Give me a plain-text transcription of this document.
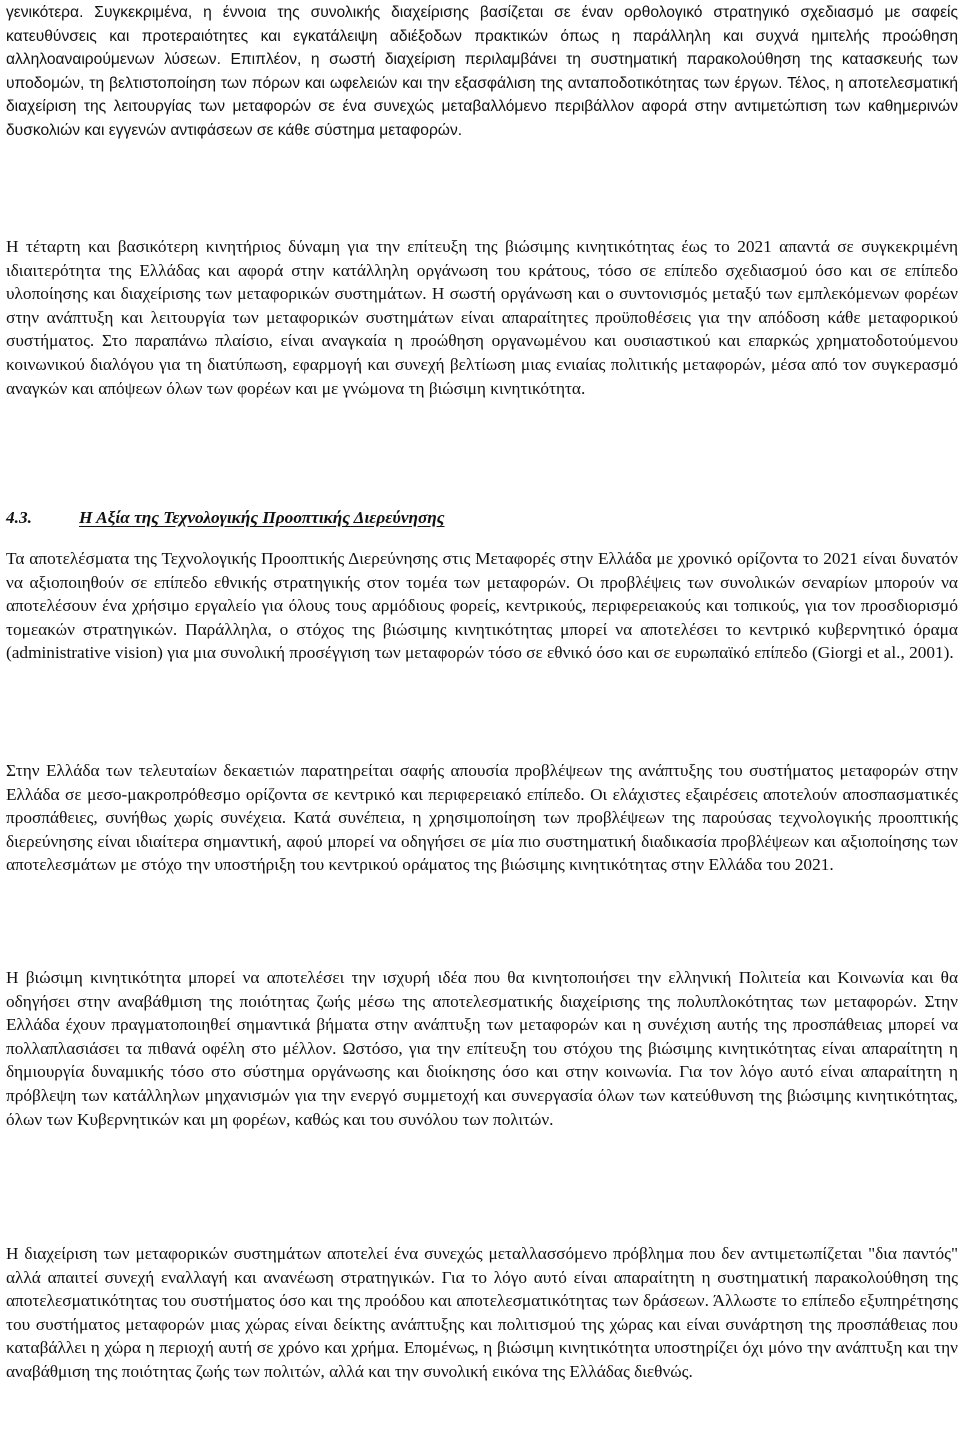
γενικότερα. Συγκεκριμένα, η έννοια της συνολικής διαχείρισης βασίζεται σε έναν ορθολογικό στρατηγικό σχεδιασμό με σαφείς κατευθύνσεις και προτεραιότητες και εγκατάλειψη αδιέξοδων πρακτικών όπως η παράλληλη και συχνά ημιτελής προώθηση αλληλοαναιρούμενων λύσεων. Επιπλέον, η σωστή διαχείριση περιλαμβάνει τη συστηματική παρακολούθηση της κατασκευής των υποδομών, τη βελτιστοποίηση των πόρων και ωφελειών και την εξασφάλιση της ανταποδοτικότητας των έργων. Τέλος, η αποτελεσματική διαχείριση της λειτουργίας των μεταφορών σε ένα συνεχώς μεταβαλλόμενο περιβάλλον αφορά στην αντιμετώπιση των καθημερινών δυσκολιών και εγγενών αντιφάσεων σε κάθε σύστημα μεταφορών.

Η τέταρτη και βασικότερη κινητήριος δύναμη για την επίτευξη της βιώσιμης κινητικότητας έως το 2021 απαντά σε συγκεκριμένη ιδιαιτερότητα της Ελλάδας και αφορά στην κατάλληλη οργάνωση του κράτους, τόσο σε επίπεδο σχεδιασμού όσο και σε επίπεδο υλοποίησης και διαχείρισης των μεταφορικών συστημάτων. Η σωστή οργάνωση και ο συντονισμός μεταξύ των εμπλεκόμενων φορέων στην ανάπτυξη και λειτουργία των μεταφορικών συστημάτων είναι απαραίτητες προϋποθέσεις για την απόδοση κάθε μεταφορικού συστήματος. Στο παραπάνω πλαίσιο, είναι αναγκαία η προώθηση οργανωμένου και ουσιαστικού και επαρκώς χρηματοδοτούμενου κοινωνικού διαλόγου για τη διατύπωση, εφαρμογή και συνεχή βελτίωση μιας ενιαίας πολιτικής μεταφορών, μέσα από τον συγκερασμό αναγκών και απόψεων όλων των φορέων και με γνώμονα τη βιώσιμη κινητικότητα.

4.3.	Η Αξία της Τεχνολογικής Προοπτικής Διερεύνησης

Τα αποτελέσματα της Τεχνολογικής Προοπτικής Διερεύνησης στις Μεταφορές στην Ελλάδα με χρονικό ορίζοντα το 2021 είναι δυνατόν να αξιοποιηθούν σε επίπεδο εθνικής στρατηγικής στον τομέα των μεταφορών. Οι προβλέψεις των συνολικών σεναρίων μπορούν να αποτελέσουν ένα χρήσιμο εργαλείο για όλους τους αρμόδιους φορείς, κεντρικούς, περιφερειακούς και τοπικούς, για τον προσδιορισμό τομεακών στρατηγικών. Παράλληλα, ο στόχος της βιώσιμης κινητικότητας μπορεί να αποτελέσει το κεντρικό κυβερνητικό όραμα (administrative vision) για μια συνολική προσέγγιση των μεταφορών τόσο σε εθνικό όσο και σε ευρωπαϊκό επίπεδο (Giorgi et al., 2001).

Στην Ελλάδα των τελευταίων δεκαετιών παρατηρείται σαφής απουσία προβλέψεων της ανάπτυξης του συστήματος μεταφορών στην Ελλάδα σε μεσο-μακροπρόθεσμο ορίζοντα σε κεντρικό και περιφερειακό επίπεδο. Οι ελάχιστες εξαιρέσεις αποτελούν αποσπασματικές προσπάθειες, συνήθως χωρίς συνέχεια. Κατά συνέπεια, η χρησιμοποίηση των προβλέψεων της παρούσας τεχνολογικής προοπτικής διερεύνησης είναι ιδιαίτερα σημαντική, αφού μπορεί να οδηγήσει σε μία πιο συστηματική διαδικασία προβλέψεων και αξιοποίησης των αποτελεσμάτων με στόχο την υποστήριξη του κεντρικού οράματος της βιώσιμης κινητικότητας στην Ελλάδα του 2021.

Η βιώσιμη κινητικότητα μπορεί να αποτελέσει την ισχυρή ιδέα που θα κινητοποιήσει την ελληνική Πολιτεία και Κοινωνία και θα οδηγήσει στην αναβάθμιση της ποιότητας ζωής μέσω της αποτελεσματικής διαχείρισης της πολυπλοκότητας των μεταφορών. Στην Ελλάδα έχουν πραγματοποιηθεί σημαντικά βήματα στην ανάπτυξη των μεταφορών και η συνέχιση αυτής της προσπάθειας μπορεί να πολλαπλασιάσει τα πιθανά οφέλη στο μέλλον. Ωστόσο, για την επίτευξη του στόχου της βιώσιμης κινητικότητας είναι απαραίτητη η δημιουργία δυναμικής τόσο στο σύστημα οργάνωσης και διοίκησης όσο και στην κοινωνία. Για τον λόγο αυτό είναι απαραίτητη η πρόβλεψη των κατάλληλων μηχανισμών για την ενεργό συμμετοχή και συνεργασία όλων των κατεύθυνση της βιώσιμης κινητικότητας, όλων των Κυβερνητικών και μη φορέων, καθώς και του συνόλου των πολιτών.

Η διαχείριση των μεταφορικών συστημάτων αποτελεί ένα συνεχώς μεταλλασσόμενο πρόβλημα που δεν αντιμετωπίζεται "δια παντός" αλλά απαιτεί συνεχή εναλλαγή και ανανέωση στρατηγικών. Για το λόγο αυτό είναι απαραίτητη η συστηματική παρακολούθηση της αποτελεσματικότητας του συστήματος όσο και της προόδου και αποτελεσματικότητας των δράσεων. Άλλωστε το επίπεδο εξυπηρέτησης του συστήματος μεταφορών μιας χώρας είναι δείκτης ανάπτυξης και πολιτισμού της χώρας και είναι συνάρτηση της προσπάθειας που καταβάλλει η χώρα η περιοχή αυτή σε χρόνο και χρήμα. Επομένως, η βιώσιμη κινητικότητα υποστηρίζει όχι μόνο την ανάπτυξη και την αναβάθμιση της ποιότητας ζωής των πολιτών, αλλά και την συνολική εικόνα της Ελλάδας διεθνώς.
